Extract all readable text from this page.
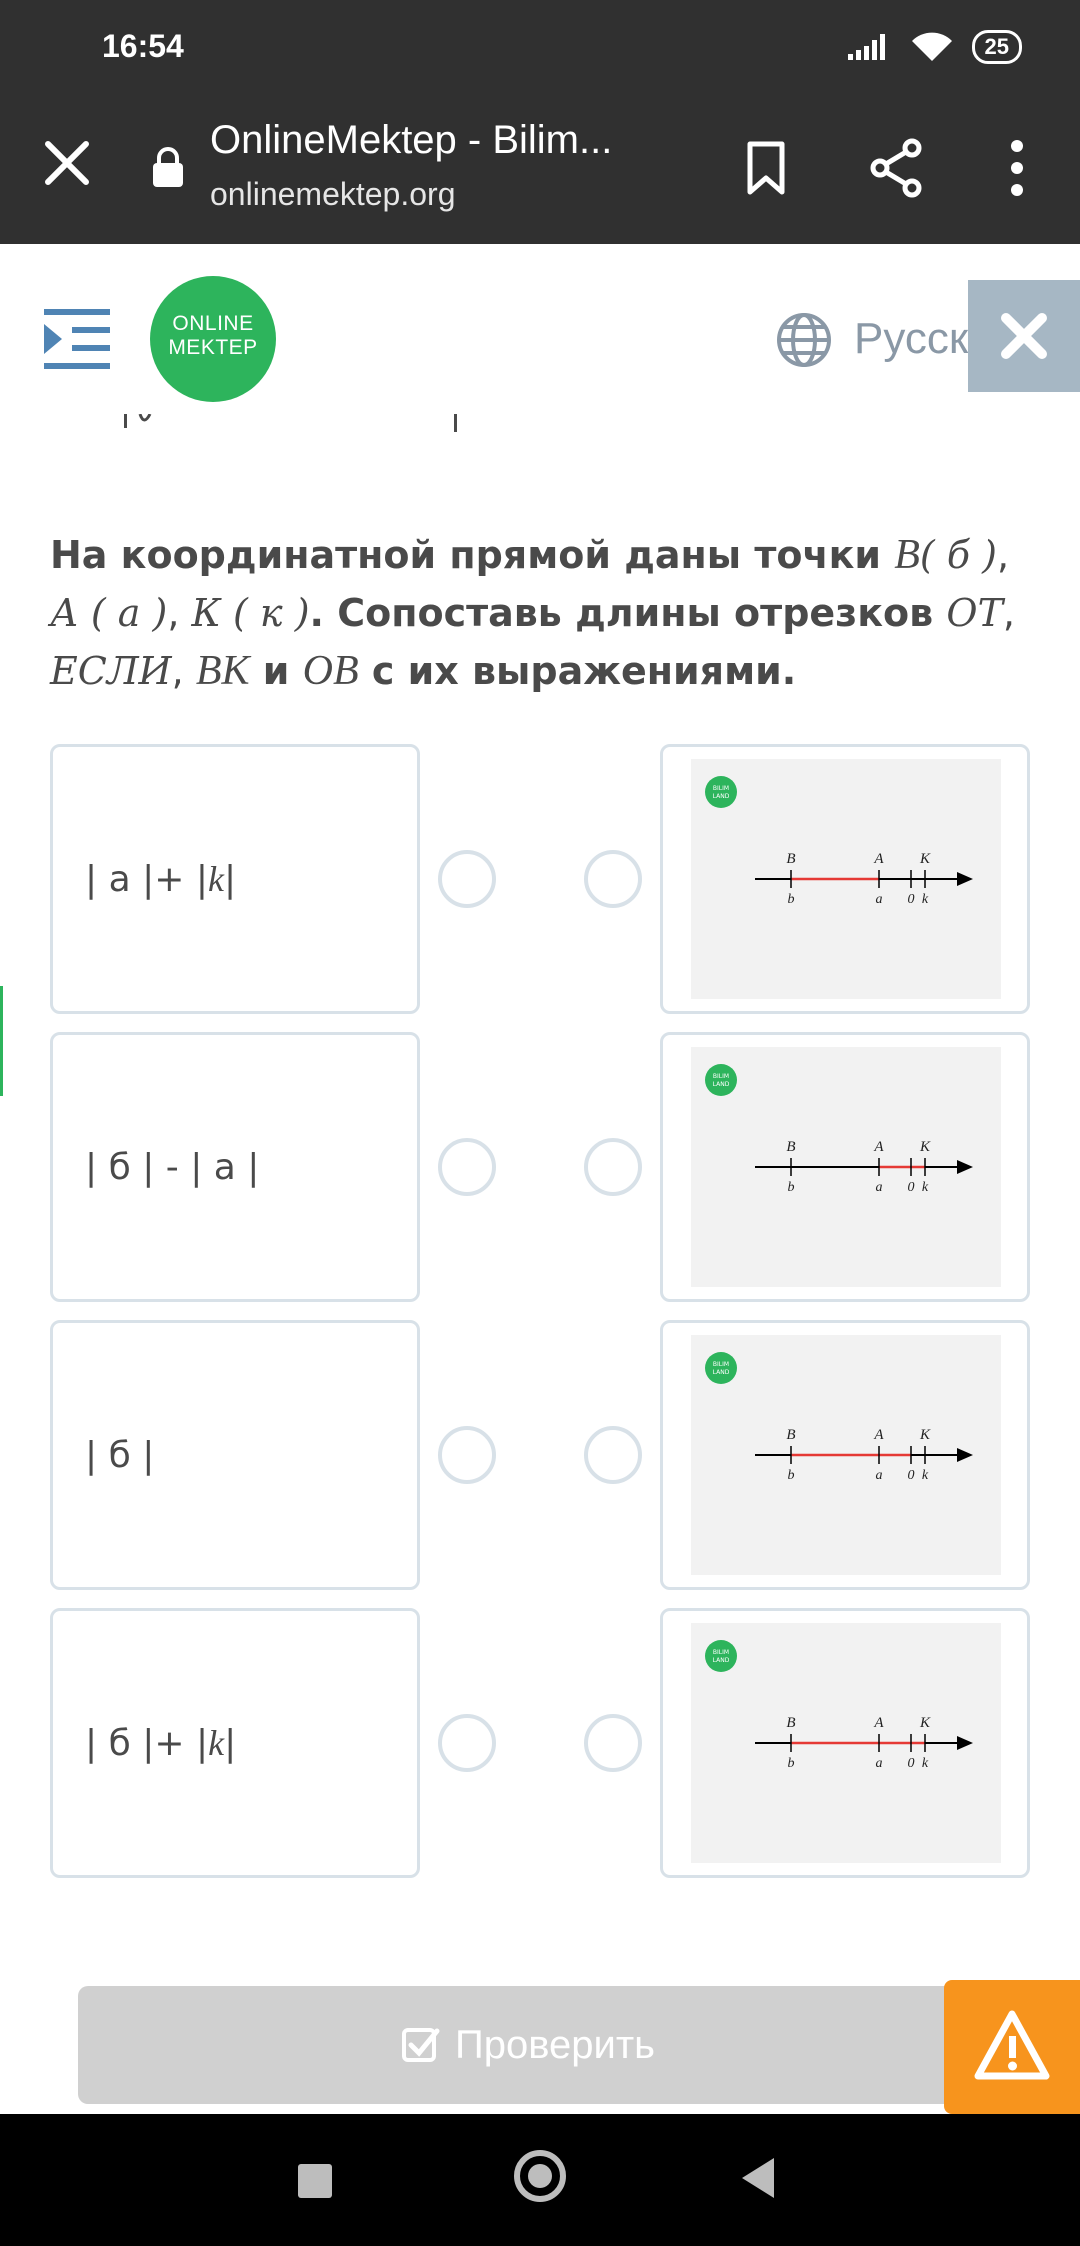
16:54	25
OnlineMektep - Bilim...
onlinemektep.org
ONLINE
MEKTEP	Русск
На координатной прямой даны точки B( б ), А ( а ), К ( к ). Сопоставь длины отрезков ОТ, ЕСЛИ, BK и OB с их выражениями.
| а |+ | k |
BILIM
LAND
b	a 0 k
B	A K
| б | - | а |
BILIM
LAND
b	a 0 k
B	A K
| б |
BILIM
LAND
b	a 0 k
B	A K
| б |+ | k |
BILIM
LAND
b	a 0 k
B	A K
Проверить
